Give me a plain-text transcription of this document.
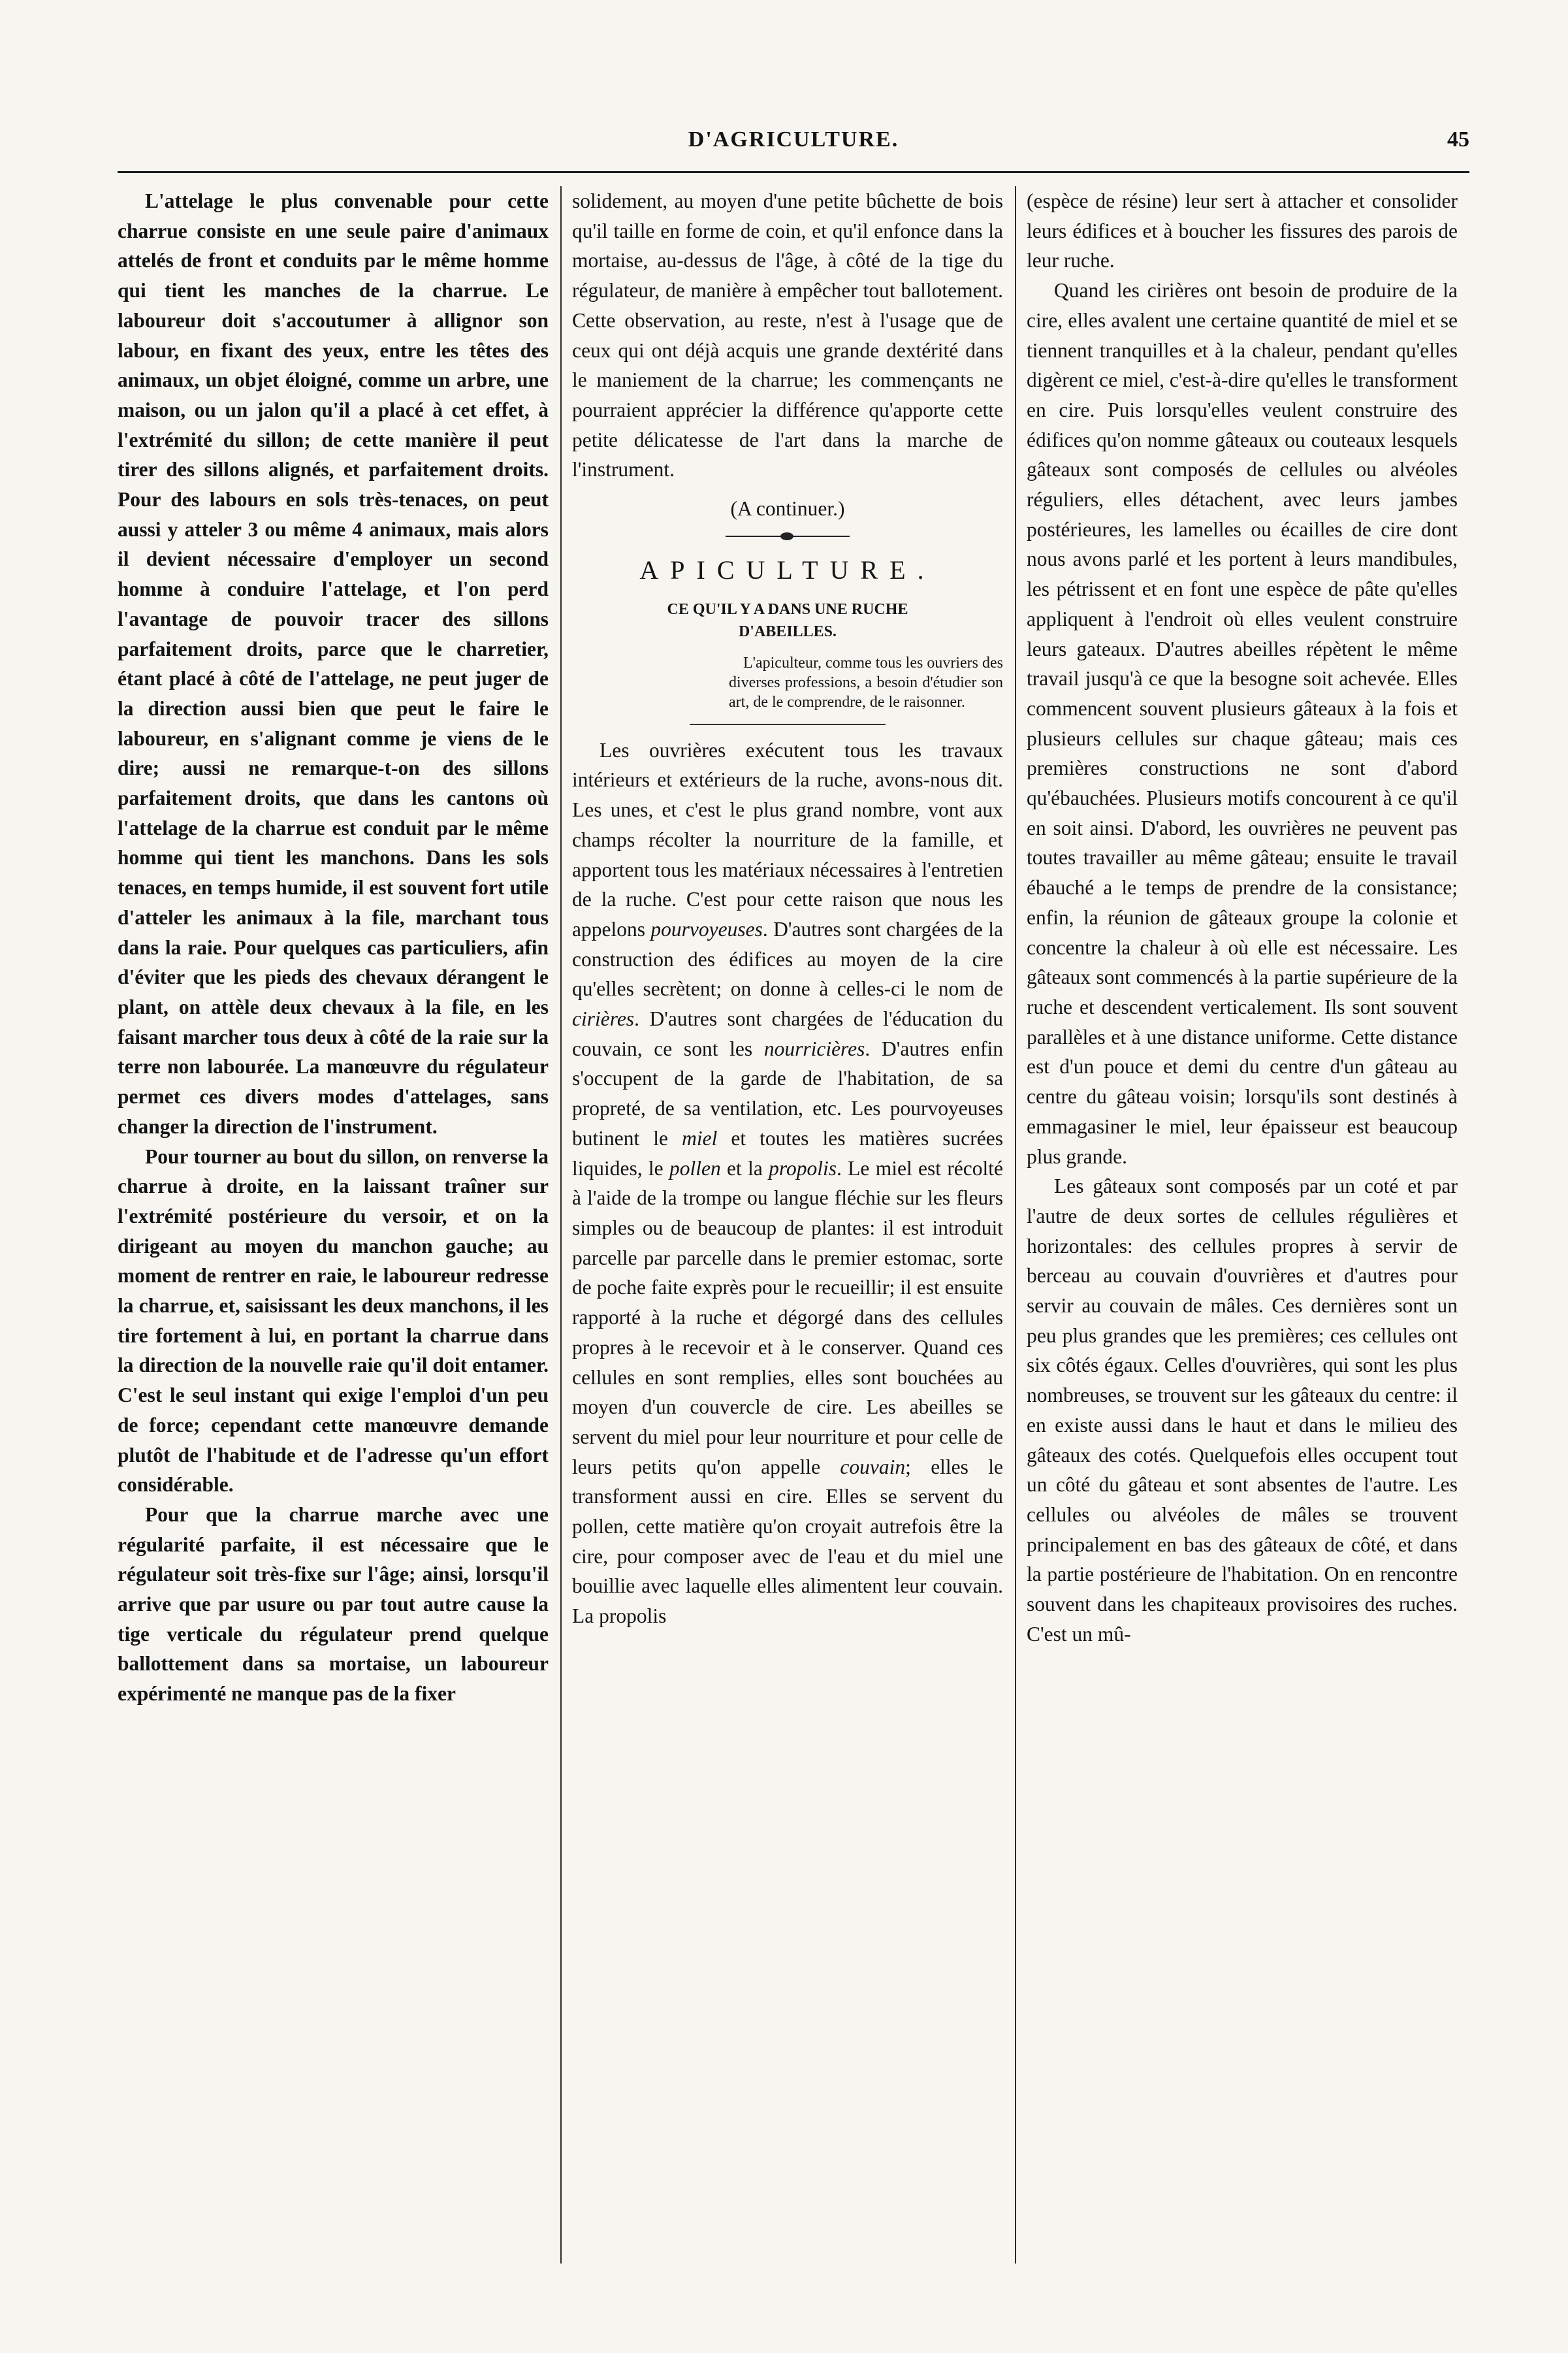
D'AGRICULTURE.	45

L'attelage le plus convenable pour cette charrue consiste en une seule paire d'animaux attelés de front et conduits par le même homme qui tient les manches de la charrue. Le laboureur doit s'accoutumer à allignor son labour, en fixant des yeux, entre les têtes des animaux, un objet éloigné, comme un arbre, une maison, ou un jalon qu'il a placé à cet effet, à l'extrémité du sillon; de cette manière il peut tirer des sillons alignés, et parfaitement droits. Pour des labours en sols très-tenaces, on peut aussi y atteler 3 ou même 4 animaux, mais alors il devient nécessaire d'employer un second homme à conduire l'attelage, et l'on perd l'avantage de pouvoir tracer des sillons parfaitement droits, parce que le charretier, étant placé à côté de l'attelage, ne peut juger de la direction aussi bien que peut le faire le laboureur, en s'alignant comme je viens de le dire; aussi ne remarque-t-on des sillons parfaitement droits, que dans les cantons où l'attelage de la charrue est conduit par le même homme qui tient les manchons. Dans les sols tenaces, en temps humide, il est souvent fort utile d'atteler les animaux à la file, marchant tous dans la raie. Pour quelques cas particuliers, afin d'éviter que les pieds des chevaux dérangent le plant, on attèle deux chevaux à la file, en les faisant marcher tous deux à côté de la raie sur la terre non labourée. La manœuvre du régulateur permet ces divers modes d'attelages, sans changer la direction de l'instrument.

Pour tourner au bout du sillon, on renverse la charrue à droite, en la laissant traîner sur l'extrémité postérieure du versoir, et on la dirigeant au moyen du manchon gauche; au moment de rentrer en raie, le laboureur redresse la charrue, et, saisissant les deux manchons, il les tire fortement à lui, en portant la charrue dans la direction de la nouvelle raie qu'il doit entamer. C'est le seul instant qui exige l'emploi d'un peu de force; cependant cette manœuvre demande plutôt de l'habitude et de l'adresse qu'un effort considérable.

Pour que la charrue marche avec une régularité parfaite, il est nécessaire que le régulateur soit très-fixe sur l'âge; ainsi, lorsqu'il arrive que par usure ou par tout autre cause la tige verticale du régulateur prend quelque ballottement dans sa mortaise, un laboureur expérimenté ne manque pas de la fixer

solidement, au moyen d'une petite bûchette de bois qu'il taille en forme de coin, et qu'il enfonce dans la mortaise, au-dessus de l'âge, à côté de la tige du régulateur, de manière à empêcher tout ballotement. Cette observation, au reste, n'est à l'usage que de ceux qui ont déjà acquis une grande dextérité dans le maniement de la charrue; les commençants ne pourraient apprécier la différence qu'apporte cette petite délicatesse de l'art dans la marche de l'instrument.

(A continuer.)

APICULTURE.

CE QU'IL Y A DANS UNE RUCHE
D'ABEILLES.

L'apiculteur, comme tous les ouvriers des diverses professions, a besoin d'étudier son art, de le comprendre, de le raisonner.

Les ouvrières exécutent tous les travaux intérieurs et extérieurs de la ruche, avons-nous dit. Les unes, et c'est le plus grand nombre, vont aux champs récolter la nourriture de la famille, et apportent tous les matériaux nécessaires à l'entretien de la ruche. C'est pour cette raison que nous les appelons pourvoyeuses. D'autres sont chargées de la construction des édifices au moyen de la cire qu'elles secrètent; on donne à celles-ci le nom de cirières. D'autres sont chargées de l'éducation du couvain, ce sont les nourricières. D'autres enfin s'occupent de la garde de l'habitation, de sa propreté, de sa ventilation, etc. Les pourvoyeuses butinent le miel et toutes les matières sucrées liquides, le pollen et la propolis. Le miel est récolté à l'aide de la trompe ou langue fléchie sur les fleurs simples ou de beaucoup de plantes: il est introduit parcelle par parcelle dans le premier estomac, sorte de poche faite exprès pour le recueillir; il est ensuite rapporté à la ruche et dégorgé dans des cellules propres à le recevoir et à le conserver. Quand ces cellules en sont remplies, elles sont bouchées au moyen d'un couvercle de cire. Les abeilles se servent du miel pour leur nourriture et pour celle de leurs petits qu'on appelle couvain; elles le transforment aussi en cire. Elles se servent du pollen, cette matière qu'on croyait autrefois être la cire, pour composer avec de l'eau et du miel une bouillie avec laquelle elles alimentent leur couvain. La propolis

(espèce de résine) leur sert à attacher et consolider leurs édifices et à boucher les fissures des parois de leur ruche.

Quand les cirières ont besoin de produire de la cire, elles avalent une certaine quantité de miel et se tiennent tranquilles et à la chaleur, pendant qu'elles digèrent ce miel, c'est-à-dire qu'elles le transforment en cire. Puis lorsqu'elles veulent construire des édifices qu'on nomme gâteaux ou couteaux lesquels gâteaux sont composés de cellules ou alvéoles réguliers, elles détachent, avec leurs jambes postérieures, les lamelles ou écailles de cire dont nous avons parlé et les portent à leurs mandibules, les pétrissent et en font une espèce de pâte qu'elles appliquent à l'endroit où elles veulent construire leurs gateaux. D'autres abeilles répètent le même travail jusqu'à ce que la besogne soit achevée. Elles commencent souvent plusieurs gâteaux à la fois et plusieurs cellules sur chaque gâteau; mais ces premières constructions ne sont d'abord qu'ébauchées. Plusieurs motifs concourent à ce qu'il en soit ainsi. D'abord, les ouvrières ne peuvent pas toutes travailler au même gâteau; ensuite le travail ébauché a le temps de prendre de la consistance; enfin, la réunion de gâteaux groupe la colonie et concentre la chaleur à où elle est nécessaire. Les gâteaux sont commencés à la partie supérieure de la ruche et descendent verticalement. Ils sont souvent parallèles et à une distance uniforme. Cette distance est d'un pouce et demi du centre d'un gâteau au centre du gâteau voisin; lorsqu'ils sont destinés à emmagasiner le miel, leur épaisseur est beaucoup plus grande.

Les gâteaux sont composés par un coté et par l'autre de deux sortes de cellules régulières et horizontales: des cellules propres à servir de berceau au couvain d'ouvrières et d'autres pour servir au couvain de mâles. Ces dernières sont un peu plus grandes que les premières; ces cellules ont six côtés égaux. Celles d'ouvrières, qui sont les plus nombreuses, se trouvent sur les gâteaux du centre: il en existe aussi dans le haut et dans le milieu des gâteaux des cotés. Quelquefois elles occupent tout un côté du gâteau et sont absentes de l'autre. Les cellules ou alvéoles de mâles se trouvent principalement en bas des gâteaux de côté, et dans la partie postérieure de l'habitation. On en rencontre souvent dans les chapiteaux provisoires des ruches. C'est un mû-
